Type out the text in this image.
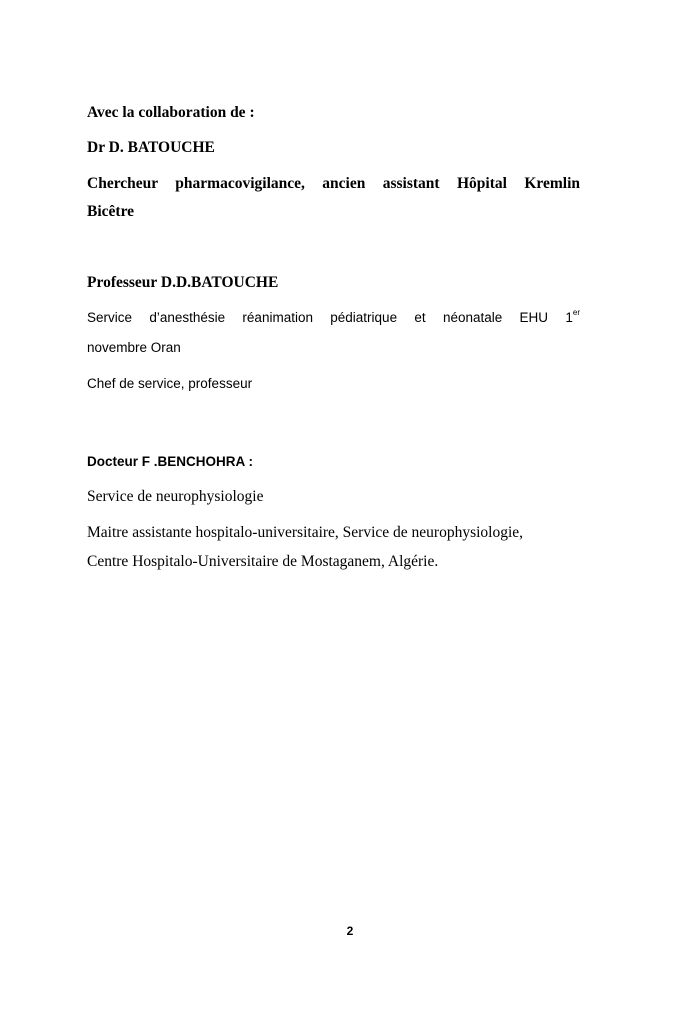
Avec la collaboration de :
Dr D. BATOUCHE
Chercheur pharmacovigilance, ancien assistant Hôpital Kremlin
Bicêtre
Professeur D.D.BATOUCHE
Service d’anesthésie réanimation pédiatrique et néonatale EHU 1er
novembre Oran
Chef de service, professeur
Docteur F .BENCHOHRA :
Service de neurophysiologie
Maitre assistante hospitalo-universitaire, Service de neurophysiologie,
Centre Hospitalo-Universitaire de Mostaganem, Algérie.
2
